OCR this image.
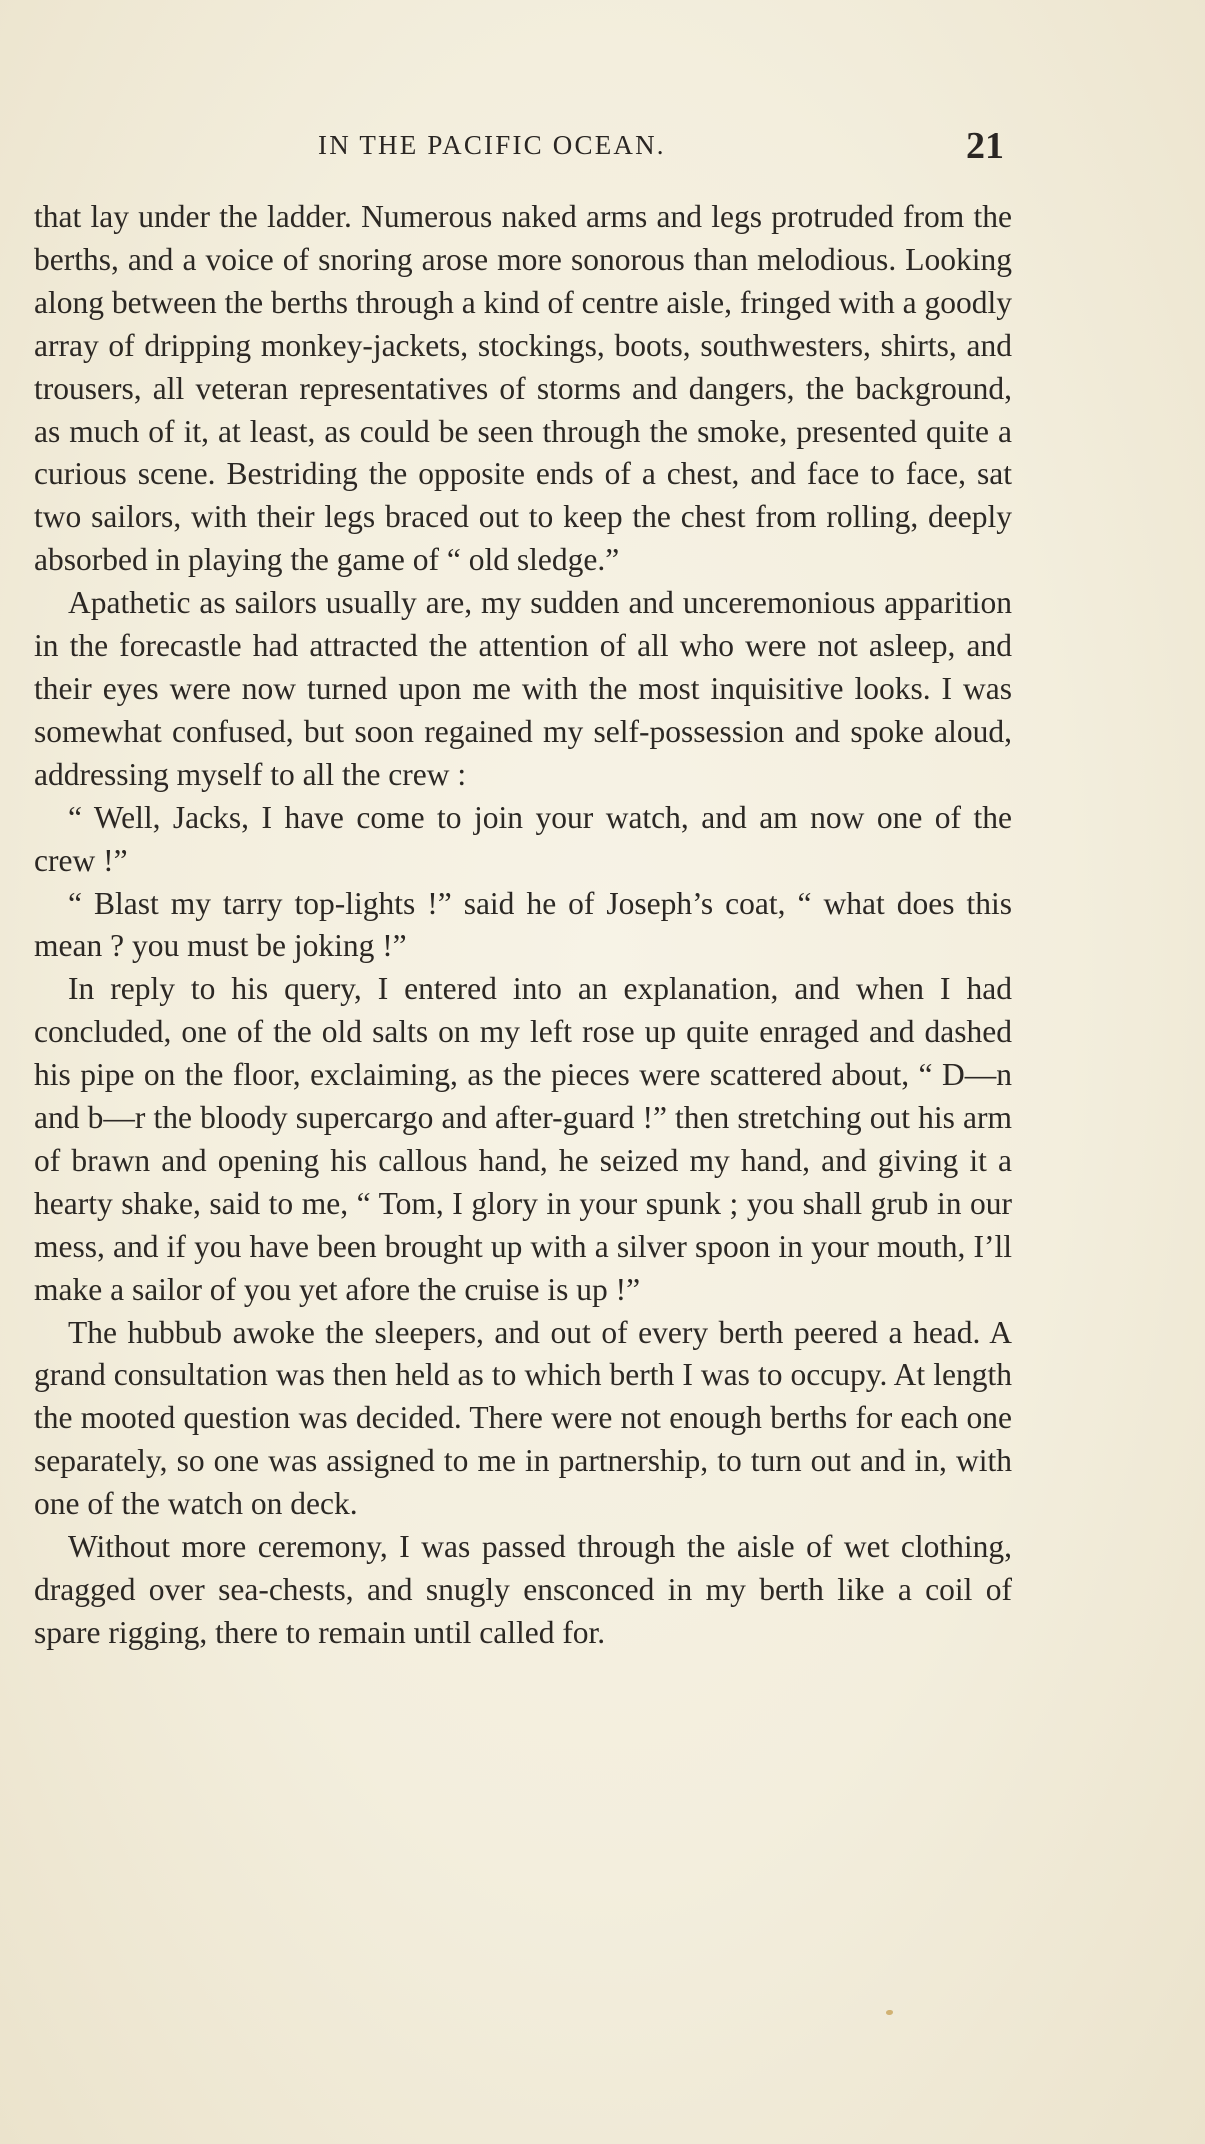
IN THE PACIFIC OCEAN.	21

that lay under the ladder. Numerous naked arms and legs protruded from the berths, and a voice of snoring arose more sonorous than melodious. Looking along between the berths through a kind of centre aisle, fringed with a goodly array of dripping monkey-jackets, stockings, boots, southwesters, shirts, and trousers, all veteran representatives of storms and dangers, the background, as much of it, at least, as could be seen through the smoke, presented quite a curious scene. Bestriding the opposite ends of a chest, and face to face, sat two sailors, with their legs braced out to keep the chest from rolling, deeply absorbed in playing the game of “ old sledge.”

Apathetic as sailors usually are, my sudden and unceremonious apparition in the forecastle had attracted the attention of all who were not asleep, and their eyes were now turned upon me with the most inquisitive looks. I was somewhat confused, but soon regained my self-possession and spoke aloud, addressing myself to all the crew :

“ Well, Jacks, I have come to join your watch, and am now one of the crew !”

“ Blast my tarry top-lights !” said he of Joseph’s coat, “ what does this mean ? you must be joking !”

In reply to his query, I entered into an explanation, and when I had concluded, one of the old salts on my left rose up quite enraged and dashed his pipe on the floor, exclaiming, as the pieces were scattered about, “ D—n and b—r the bloody supercargo and after-guard !” then stretching out his arm of brawn and opening his callous hand, he seized my hand, and giving it a hearty shake, said to me, “ Tom, I glory in your spunk ; you shall grub in our mess, and if you have been brought up with a silver spoon in your mouth, I’ll make a sailor of you yet afore the cruise is up !”

The hubbub awoke the sleepers, and out of every berth peered a head. A grand consultation was then held as to which berth I was to occupy. At length the mooted question was decided. There were not enough berths for each one separately, so one was assigned to me in partnership, to turn out and in, with one of the watch on deck.

Without more ceremony, I was passed through the aisle of wet clothing, dragged over sea-chests, and snugly ensconced in my berth like a coil of spare rigging, there to remain until called for.
